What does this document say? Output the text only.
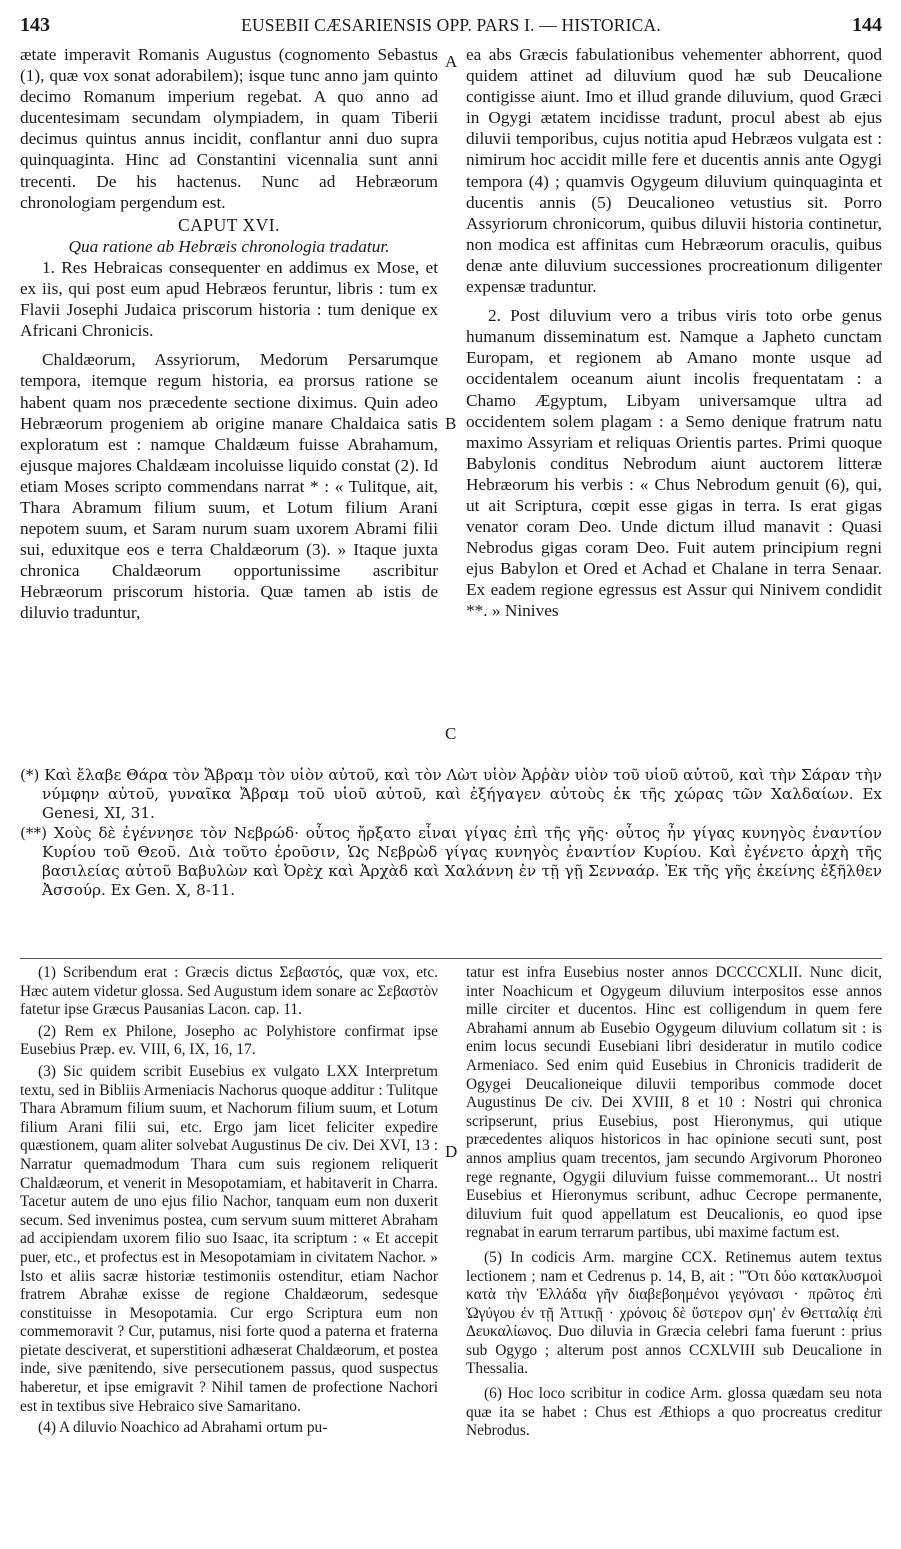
143	EUSEBII CÆSARIENSIS OPP. PARS I. — HISTORICA.	144

ætate imperavit Romanis Augustus (cognomento Sebastus (1), quæ vox sonat adorabilem); isque tunc anno jam quinto decimo Romanum imperium regebat. A quo anno ad ducentesimam secundam olympiadem, in quam Tiberii decimus quintus annus incidit, conflantur anni duo supra quinquaginta. Hinc ad Constantini vicennalia sunt anni trecenti. De his hactenus. Nunc ad Hebræorum chronologiam pergendum est.

CAPUT XVI.

Qua ratione ab Hebræis chronologia tradatur.

1. Res Hebraicas consequenter en addimus ex Mose, et ex iis, qui post eum apud Hebræos feruntur, libris : tum ex Flavii Josephi Judaica priscorum historia : tum denique ex Africani Chronicis.

Chaldæorum, Assyriorum, Medorum Persarumque tempora, itemque regum historia, ea prorsus ratione se habent quam nos præcedente sectione diximus. Quin adeo Hebræorum progeniem ab origine manare Chaldaica satis exploratum est : namque Chaldæum fuisse Abrahamum, ejusque majores Chaldæam incoluisse liquido constat (2). Id etiam Moses scripto commendans narrat * : « Tulitque, ait, Thara Abramum filium suum, et Lotum filium Arani nepotem suum, et Saram nurum suam uxorem Abrami filii sui, eduxitque eos e terra Chaldæorum (3). » Itaque juxta chronica Chaldæorum opportunissime ascribitur Hebræorum priscorum historia. Quæ tamen ab istis de diluvio traduntur,

ea abs Græcis fabulationibus vehementer abhorrent, quod quidem attinet ad diluvium quod hæ sub Deucalione contigisse aiunt. Imo et illud grande diluvium, quod Græci in Ogygi ætatem incidisse tradunt, procul abest ab ejus diluvii temporibus, cujus notitia apud Hebræos vulgata est : nimirum hoc accidit mille fere et ducentis annis ante Ogygi tempora (4) ; quamvis Ogygeum diluvium quinquaginta et ducentis annis (5) Deucalioneo vetustius sit. Porro Assyriorum chronicorum, quibus diluvii historia continetur, non modica est affinitas cum Hebræorum oraculis, quibus denæ ante diluvium successiones procreationum diligenter expensæ traduntur.

2. Post diluvium vero a tribus viris toto orbe genus humanum disseminatum est. Namque a Japheto cunctam Europam, et regionem ab Amano monte usque ad occidentalem oceanum aiunt incolis frequentatam : a Chamo Ægyptum, Libyam universamque ultra ad occidentem solem plagam : a Semo denique fratrum natu maximo Assyriam et reliquas Orientis partes. Primi quoque Babylonis conditus Nebrodum aiunt auctorem litteræ Hebræorum his verbis : « Chus Nebrodum genuit (6), qui, ut ait Scriptura, cœpit esse gigas in terra. Is erat gigas venator coram Deo. Unde dictum illud manavit : Quasi Nebrodus gigas coram Deo. Fuit autem principium regni ejus Babylon et Ored et Achad et Chalane in terra Senaar. Ex eadem regione egressus est Assur qui Ninivem condidit **. » Ninives

A
B
C
D

(*) Καὶ ἔλαβε Θάρα τὸν Ἄβραμ τὸν υἱὸν αὐτοῦ, καὶ τὸν Λὼτ υἱὸν Ἀρῥὰν υἱὸν τοῦ υἱοῦ αὐτοῦ, καὶ τὴν Σάραν τὴν νύμφην αὐτοῦ, γυναῖκα Ἄβραμ τοῦ υἱοῦ αὐτοῦ, καὶ ἐξήγαγεν αὐτοὺς ἐκ τῆς χώρας τῶν Χαλδαίων. Ex Genesi, XI, 31.

(**) Χοὺς δὲ ἐγέννησε τὸν Νεβρώδ· οὗτος ἤρξατο εἶναι γίγας ἐπὶ τῆς γῆς· οὗτος ἦν γίγας κυνηγὸς ἐναντίον Κυρίου τοῦ Θεοῦ. Διὰ τοῦτο ἐροῦσιν, Ὡς Νεβρὼδ γίγας κυνηγὸς ἐναντίον Κυρίου. Καὶ ἐγένετο ἀρχὴ τῆς βασιλείας αὐτοῦ Βαβυλὼν καὶ Ὀρὲχ καὶ Ἀρχὰδ καὶ Χαλάννη ἐν τῇ γῇ Σενναάρ. Ἐκ τῆς γῆς ἐκείνης ἐξῆλθεν Ἀσσούρ. Ex Gen. X, 8-11.

(1) Scribendum erat : Græcis dictus Σεβαστός, quæ vox, etc. Hæc autem videtur glossa. Sed Augustum idem sonare ac Σεβαστὸν fatetur ipse Græcus Pausanias Lacon. cap. 11.

(2) Rem ex Philone, Josepho ac Polyhistore confirmat ipse Eusebius Præp. ev. VIII, 6, IX, 16, 17.

(3) Sic quidem scribit Eusebius ex vulgato LXX Interpretum textu, sed in Bibliis Armeniacis Nachorus quoque additur : Tulitque Thara Abramum filium suum, et Nachorum filium suum, et Lotum filium Arani filii sui, etc. Ergo jam licet feliciter expedire quæstionem, quam aliter solvebat Augustinus De civ. Dei XVI, 13 : Narratur quemadmodum Thara cum suis regionem reliquerit Chaldæorum, et venerit in Mesopotamiam, et habitaverit in Charra. Tacetur autem de uno ejus filio Nachor, tanquam eum non duxerit secum. Sed invenimus postea, cum servum suum mitteret Abraham ad accipiendam uxorem filio suo Isaac, ita scriptum : « Et accepit puer, etc., et profectus est in Mesopotamiam in civitatem Nachor. » Isto et aliis sacræ historiæ testimoniis ostenditur, etiam Nachor fratrem Abrahæ exisse de regione Chaldæorum, sedesque constituisse in Mesopotamia. Cur ergo Scriptura eum non commemoravit ? Cur, putamus, nisi forte quod a paterna et fraterna pietate desciverat, et superstitioni adhæserat Chaldæorum, et postea inde, sive pænitendo, sive persecutionem passus, quod suspectus haberetur, et ipse emigravit ? Nihil tamen de profectione Nachori est in textibus sive Hebraico sive Samaritano.

(4) A diluvio Noachico ad Abrahami ortum pu-

tatur est infra Eusebius noster annos DCCCCXLII. Nunc dicit, inter Noachicum et Ogygeum diluvium interpositos esse annos mille circiter et ducentos. Hinc est colligendum in quem fere Abrahami annum ab Eusebio Ogygeum diluvium collatum sit : is enim locus secundi Eusebiani libri desideratur in mutilo codice Armeniaco. Sed enim quid Eusebius in Chronicis tradiderit de Ogygei Deucalioneique diluvii temporibus commode docet Augustinus De civ. Dei XVIII, 8 et 10 : Nostri qui chronica scripserunt, prius Eusebius, post Hieronymus, qui utique præcedentes aliquos historicos in hac opinione secuti sunt, post annos amplius quam trecentos, jam secundo Argivorum Phoroneo rege regnante, Ogygii diluvium fuisse commemorant... Ut nostri Eusebius et Hieronymus scribunt, adhuc Cecrope permanente, diluvium fuit quod appellatum est Deucalionis, eo quod ipse regnabat in earum terrarum partibus, ubi maxime factum est.

(5) In codicis Arm. margine CCX. Retinemus autem textus lectionem ; nam et Cedrenus p. 14, B, ait : "Ὅτι δύο κατακλυσμοὶ κατὰ τὴν Ἑλλάδα γῆν διαβεβοημένοι γεγόνασι · πρῶτος ἐπὶ Ὠγύγου ἐν τῇ Ἀττικῇ · χρόνοις δὲ ὕστερον σμη' ἐν Θετταλίᾳ ἐπὶ Δευκαλίωνος. Duo diluvia in Græcia celebri fama fuerunt : prius sub Ogygo ; alterum post annos CCXLVIII sub Deucalione in Thessalia.

(6) Hoc loco scribitur in codice Arm. glossa quædam seu nota quæ ita se habet : Chus est Æthiops a quo procreatus creditur Nebrodus.
